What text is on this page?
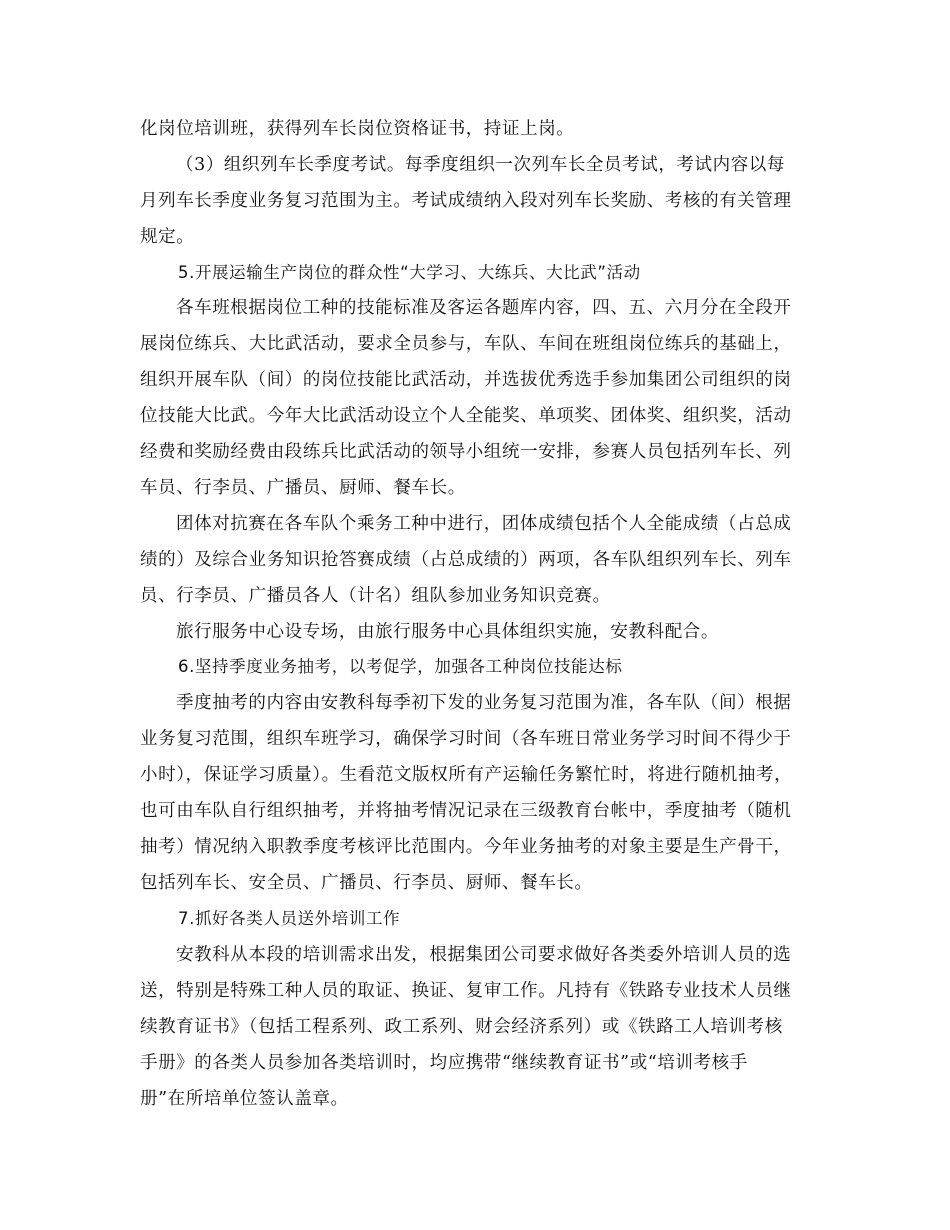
化岗位培训班，获得列车长岗位资格证书，持证上岗。
（3）组织列车长季度考试。每季度组织一次列车长全员考试，考试内容以每
月列车长季度业务复习范围为主。考试成绩纳入段对列车长奖励、考核的有关管理
规定。
5.开展运输生产岗位的群众性“大学习、大练兵、大比武”活动
各车班根据岗位工种的技能标准及客运各题库内容，四、五、六月分在全段开
展岗位练兵、大比武活动，要求全员参与，车队、车间在班组岗位练兵的基础上，
组织开展车队（间）的岗位技能比武活动，并选拔优秀选手参加集团公司组织的岗
位技能大比武。今年大比武活动设立个人全能奖、单项奖、团体奖、组织奖，活动
经费和奖励经费由段练兵比武活动的领导小组统一安排，参赛人员包括列车长、列
车员、行李员、广播员、厨师、餐车长。
团体对抗赛在各车队个乘务工种中进行，团体成绩包括个人全能成绩（占总成
绩的）及综合业务知识抢答赛成绩（占总成绩的）两项，各车队组织列车长、列车
员、行李员、广播员各人（计名）组队参加业务知识竞赛。
旅行服务中心设专场，由旅行服务中心具体组织实施，安教科配合。
6.坚持季度业务抽考，以考促学，加强各工种岗位技能达标
季度抽考的内容由安教科每季初下发的业务复习范围为准，各车队（间）根据
业务复习范围，组织车班学习，确保学习时间（各车班日常业务学习时间不得少于
小时），保证学习质量）。生看范文版权所有产运输任务繁忙时，将进行随机抽考，
也可由车队自行组织抽考，并将抽考情况记录在三级教育台帐中，季度抽考（随机
抽考）情况纳入职教季度考核评比范围内。今年业务抽考的对象主要是生产骨干，
包括列车长、安全员、广播员、行李员、厨师、餐车长。
7.抓好各类人员送外培训工作
安教科从本段的培训需求出发，根据集团公司要求做好各类委外培训人员的选
送，特别是特殊工种人员的取证、换证、复审工作。凡持有《铁路专业技术人员继
续教育证书》（包括工程系列、政工系列、财会经济系列）或《铁路工人培训考核
手册》的各类人员参加各类培训时，均应携带“继续教育证书”或“培训考核手
册”在所培单位签认盖章。
